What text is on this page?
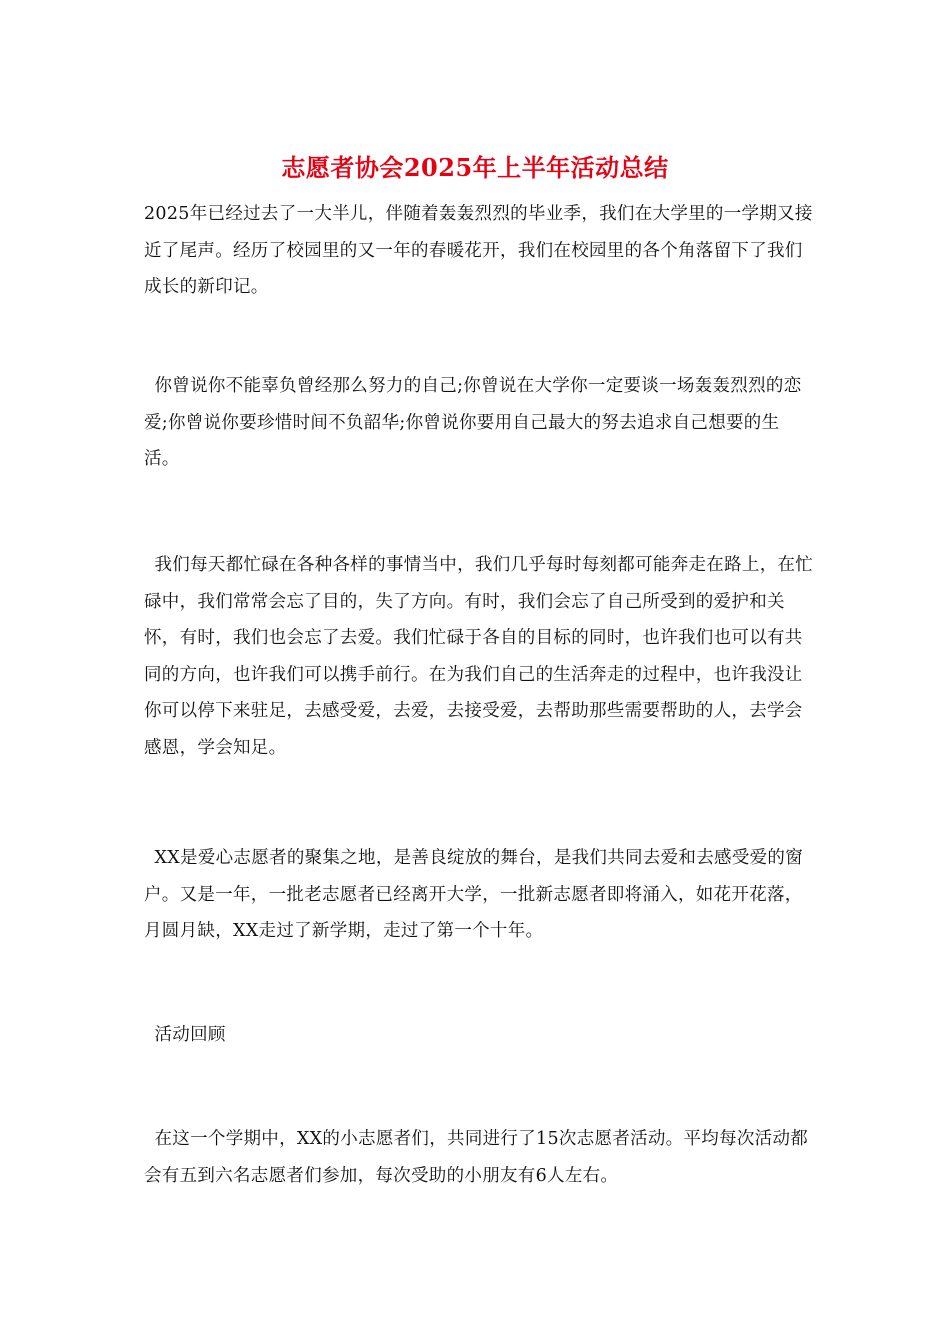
志愿者协会2025年上半年活动总结

2025年已经过去了一大半儿，伴随着轰轰烈烈的毕业季，我们在大学里的一学期又接近了尾声。经历了校园里的又一年的春暖花开，我们在校园里的各个角落留下了我们成长的新印记。

你曾说你不能辜负曾经那么努力的自己;你曾说在大学你一定要谈一场轰轰烈烈的恋爱;你曾说你要珍惜时间不负韶华;你曾说你要用自己最大的努去追求自己想要的生活。

我们每天都忙碌在各种各样的事情当中，我们几乎每时每刻都可能奔走在路上，在忙碌中，我们常常会忘了目的，失了方向。有时，我们会忘了自己所受到的爱护和关怀，有时，我们也会忘了去爱。我们忙碌于各自的目标的同时，也许我们也可以有共同的方向，也许我们可以携手前行。在为我们自己的生活奔走的过程中，也许我没让你可以停下来驻足，去感受爱，去爱，去接受爱，去帮助那些需要帮助的人，去学会感恩，学会知足。

XX是爱心志愿者的聚集之地，是善良绽放的舞台，是我们共同去爱和去感受爱的窗户。又是一年，一批老志愿者已经离开大学，一批新志愿者即将涌入，如花开花落，月圆月缺，XX走过了新学期，走过了第一个十年。

活动回顾

在这一个学期中，XX的小志愿者们，共同进行了15次志愿者活动。平均每次活动都会有五到六名志愿者们参加，每次受助的小朋友有6人左右。
